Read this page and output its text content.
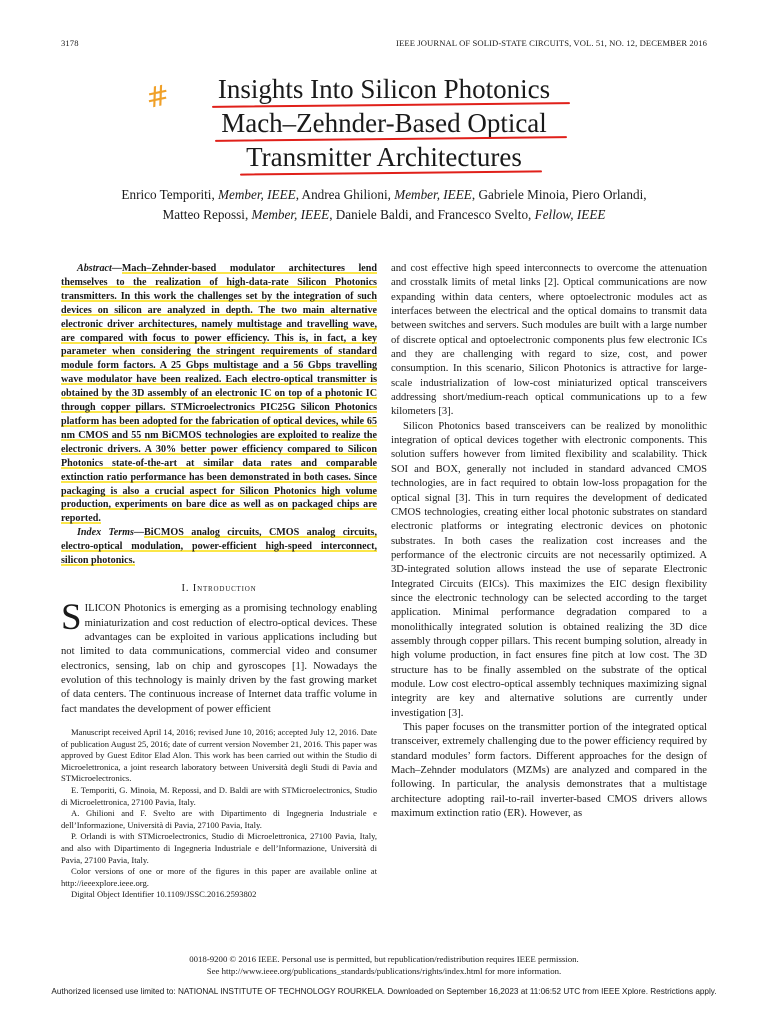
3178	IEEE JOURNAL OF SOLID-STATE CIRCUITS, VOL. 51, NO. 12, DECEMBER 2016
#	Insights Into Silicon Photonics
Mach–Zehnder-Based Optical
Transmitter Architectures
Enrico Temporiti, Member, IEEE, Andrea Ghilioni, Member, IEEE, Gabriele Minoia, Piero Orlandi,
Matteo Repossi, Member, IEEE, Daniele Baldi, and Francesco Svelto, Fellow, IEEE

Abstract—Mach–Zehnder-based modulator architectures lend themselves to the realization of high-data-rate Silicon Photonics transmitters. In this work the challenges set by the integration of such devices on silicon are analyzed in depth. The two main alternative electronic driver architectures, namely multistage and travelling wave, are compared with focus to power efficiency. This is, in fact, a key parameter when considering the stringent requirements of standard module form factors. A 25 Gbps multistage and a 56 Gbps travelling wave modulator have been realized. Each electro-optical transmitter is obtained by the 3D assembly of an electronic IC on top of a photonic IC through copper pillars. STMicroelectronics PIC25G Silicon Photonics platform has been adopted for the fabrication of optical devices, while 65 nm CMOS and 55 nm BiCMOS technologies are exploited to realize the electronic drivers. A 30% better power efficiency compared to Silicon Photonics state-of-the-art at similar data rates and comparable extinction ratio performance has been demonstrated in both cases. Since packaging is also a crucial aspect for Silicon Photonics high volume production, experiments on bare dice as well as on packaged chips are reported.

Index Terms—BiCMOS analog circuits, CMOS analog circuits, electro-optical modulation, power-efficient high-speed interconnect, silicon photonics.

I. Introduction

SILICON Photonics is emerging as a promising technology enabling miniaturization and cost reduction of electro-optical devices. These advantages can be exploited in various applications including but not limited to data communications, commercial video and consumer electronics, sensing, lab on chip and gyroscopes [1]. Nowadays the evolution of this technology is mainly driven by the fast growing market of data centers. The continuous increase of Internet data traffic volume in fact mandates the development of power efficient

Manuscript received April 14, 2016; revised June 10, 2016; accepted July 12, 2016. Date of publication August 25, 2016; date of current version November 21, 2016. This paper was approved by Guest Editor Elad Alon. This work has been carried out within the Studio di Microelettronica, a joint research laboratory between Università degli Studi di Pavia and STMicroelectronics.

E. Temporiti, G. Minoia, M. Repossi, and D. Baldi are with STMicroelectronics, Studio di Microelettronica, 27100 Pavia, Italy.

A. Ghilioni and F. Svelto are with Dipartimento di Ingegneria Industriale e dell’Informazione, Università di Pavia, 27100 Pavia, Italy.

P. Orlandi is with STMicroelectronics, Studio di Microelettronica, 27100 Pavia, Italy, and also with Dipartimento di Ingegneria Industriale e dell’Informazione, Università di Pavia, 27100 Pavia, Italy.

Color versions of one or more of the figures in this paper are available online at http://ieeexplore.ieee.org.

Digital Object Identifier 10.1109/JSSC.2016.2593802

and cost effective high speed interconnects to overcome the attenuation and crosstalk limits of metal links [2]. Optical communications are now expanding within data centers, where optoelectronic modules act as interfaces between the electrical and the optical domains to transmit data between switches and servers. Such modules are built with a large number of discrete optical and optoelectronic components plus few electronic ICs and they are challenging with regard to size, cost, and power consumption. In this scenario, Silicon Photonics is attractive for large-scale industrialization of low-cost miniaturized optical transceivers addressing short/medium-reach optical communications up to a few kilometers [3].

Silicon Photonics based transceivers can be realized by monolithic integration of optical devices together with electronic components. This solution suffers however from limited flexibility and scalability. Thick SOI and BOX, generally not included in standard advanced CMOS technologies, are in fact required to obtain low-loss propagation for the optical signal [3]. This in turn requires the development of dedicated CMOS technologies, creating either local photonic substrates on standard electronic platforms or integrating electronic devices on photonic substrates. In both cases the realization cost increases and the performance of the electronic circuits are not necessarily optimized. A 3D-integrated solution allows instead the use of separate Electronic Integrated Circuits (EICs). This maximizes the EIC design flexibility since the electronic technology can be selected according to the target application. Minimal performance degradation compared to a monolithically integrated solution is obtained realizing the 3D dice assembly through copper pillars. This recent bumping solution, already in high volume production, in fact ensures fine pitch at low cost. The 3D structure has to be finally assembled on the substrate of the optical module. Low cost electro-optical assembly techniques maximizing signal integrity are key and alternative solutions are currently under investigation [3].

This paper focuses on the transmitter portion of the integrated optical transceiver, extremely challenging due to the power efficiency required by standard modules’ form factors. Different approaches for the design of Mach–Zehnder modulators (MZMs) are analyzed and compared in the following. In particular, the analysis demonstrates that a multistage architecture adopting rail-to-rail inverter-based CMOS drivers allows maximum extinction ratio (ER). However, as

0018-9200 © 2016 IEEE. Personal use is permitted, but republication/redistribution requires IEEE permission.
See http://www.ieee.org/publications_standards/publications/rights/index.html for more information.
Authorized licensed use limited to: NATIONAL INSTITUTE OF TECHNOLOGY ROURKELA. Downloaded on September 16,2023 at 11:06:52 UTC from IEEE Xplore. Restrictions apply.
